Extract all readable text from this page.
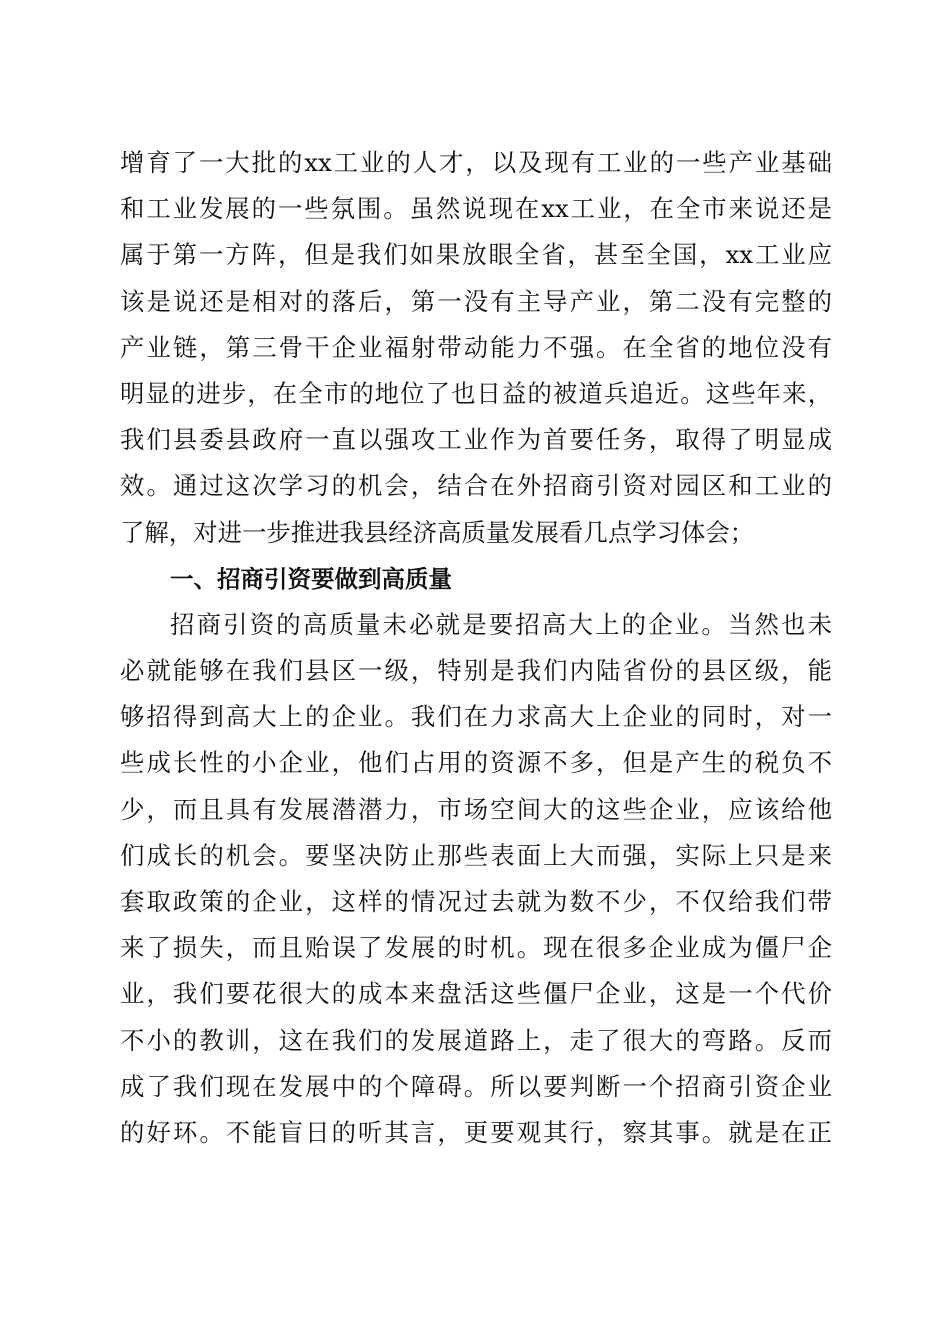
增育了一大批的xx工业的人才，以及现有工业的一些产业基础
和工业发展的一些氛围。虽然说现在xx工业，在全市来说还是
属于第一方阵，但是我们如果放眼全省，甚至全国，xx工业应
该是说还是相对的落后，第一没有主导产业，第二没有完整的
产业链，第三骨干企业福射带动能力不强。在全省的地位没有
明显的进步，在全市的地位了也日益的被道兵追近。这些年来，
我们县委县政府一直以强攻工业作为首要任务，取得了明显成
效。通过这次学习的机会，结合在外招商引资对园区和工业的
了解，对进一步推进我县经济高质量发展看几点学习体会；
一、招商引资要做到高质量
招商引资的高质量未必就是要招高大上的企业。当然也未
必就能够在我们县区一级，特别是我们内陆省份的县区级，能
够招得到高大上的企业。我们在力求高大上企业的同时，对一
些成长性的小企业，他们占用的资源不多，但是产生的税负不
少，而且具有发展潜潜力，市场空间大的这些企业，应该给他
们成长的机会。要坚决防止那些表面上大而强，实际上只是来
套取政策的企业，这样的情况过去就为数不少，不仅给我们带
来了损失，而且贻误了发展的时机。现在很多企业成为僵尸企
业，我们要花很大的成本来盘活这些僵尸企业，这是一个代价
不小的教训，这在我们的发展道路上，走了很大的弯路。反而
成了我们现在发展中的个障碍。所以要判断一个招商引资企业
的好环。不能盲日的听其言，更要观其行，察其事。就是在正
